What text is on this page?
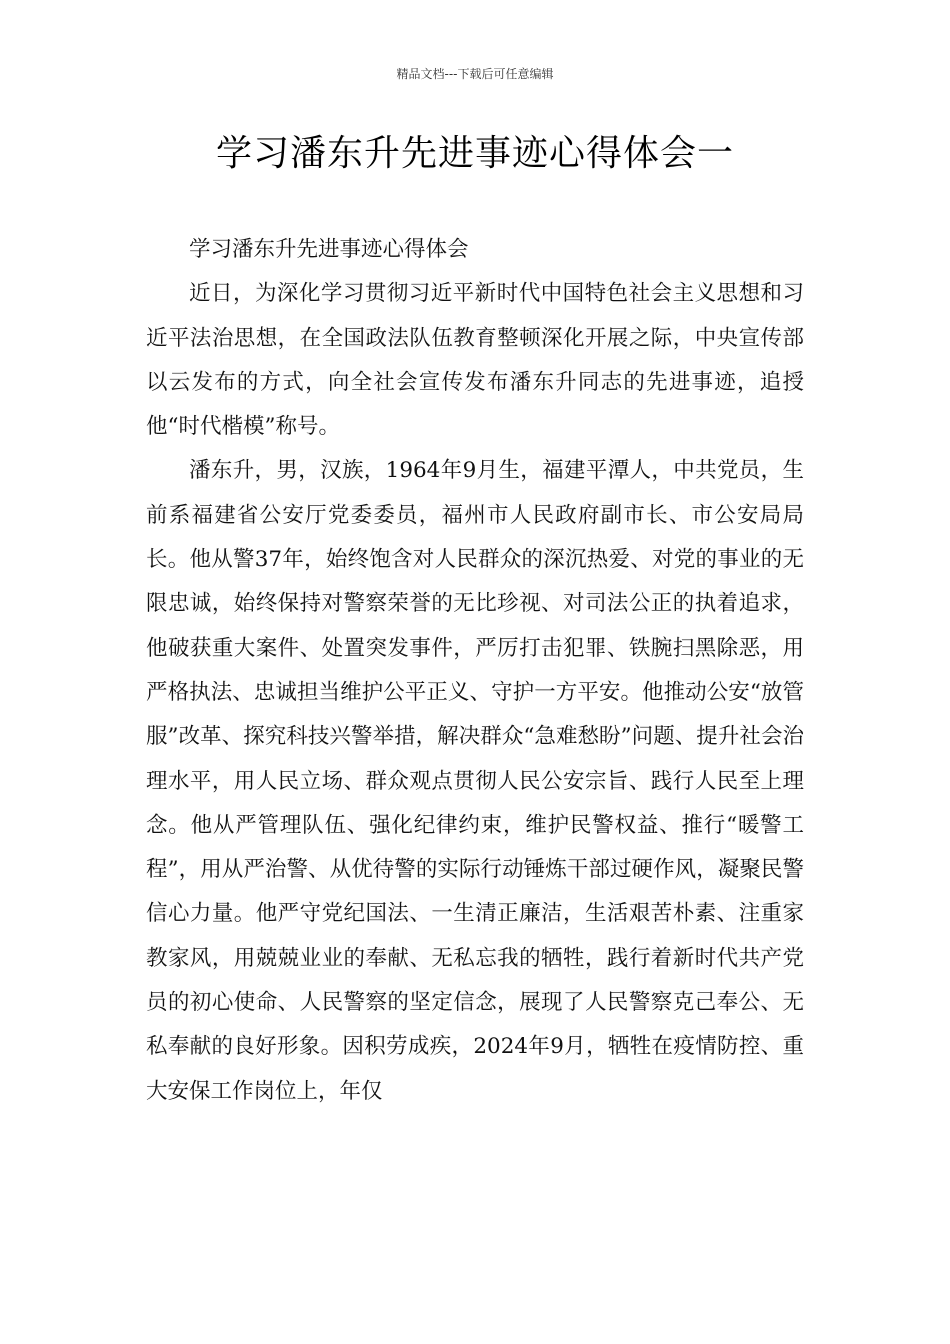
精品文档---下载后可任意编辑
学习潘东升先进事迹心得体会一

学习潘东升先进事迹心得体会

近日，为深化学习贯彻习近平新时代中国特色社会主义思想和习近平法治思想，在全国政法队伍教育整顿深化开展之际，中央宣传部以云发布的方式，向全社会宣传发布潘东升同志的先进事迹，追授他“时代楷模”称号。

潘东升，男，汉族，1964年9月生，福建平潭人，中共党员，生前系福建省公安厅党委委员，福州市人民政府副市长、市公安局局长。他从警37年，始终饱含对人民群众的深沉热爱、对党的事业的无限忠诚，始终保持对警察荣誉的无比珍视、对司法公正的执着追求，他破获重大案件、处置突发事件，严厉打击犯罪、铁腕扫黑除恶，用严格执法、忠诚担当维护公平正义、守护一方平安。他推动公安“放管服”改革、探究科技兴警举措，解决群众“急难愁盼”问题、提升社会治理水平，用人民立场、群众观点贯彻人民公安宗旨、践行人民至上理念。他从严管理队伍、强化纪律约束，维护民警权益、推行“暖警工程”，用从严治警、从优待警的实际行动锤炼干部过硬作风，凝聚民警信心力量。他严守党纪国法、一生清正廉洁，生活艰苦朴素、注重家教家风，用兢兢业业的奉献、无私忘我的牺牲，践行着新时代共产党员的初心使命、人民警察的坚定信念，展现了人民警察克己奉公、无私奉献的良好形象。因积劳成疾，2024年9月，牺牲在疫情防控、重大安保工作岗位上，年仅
